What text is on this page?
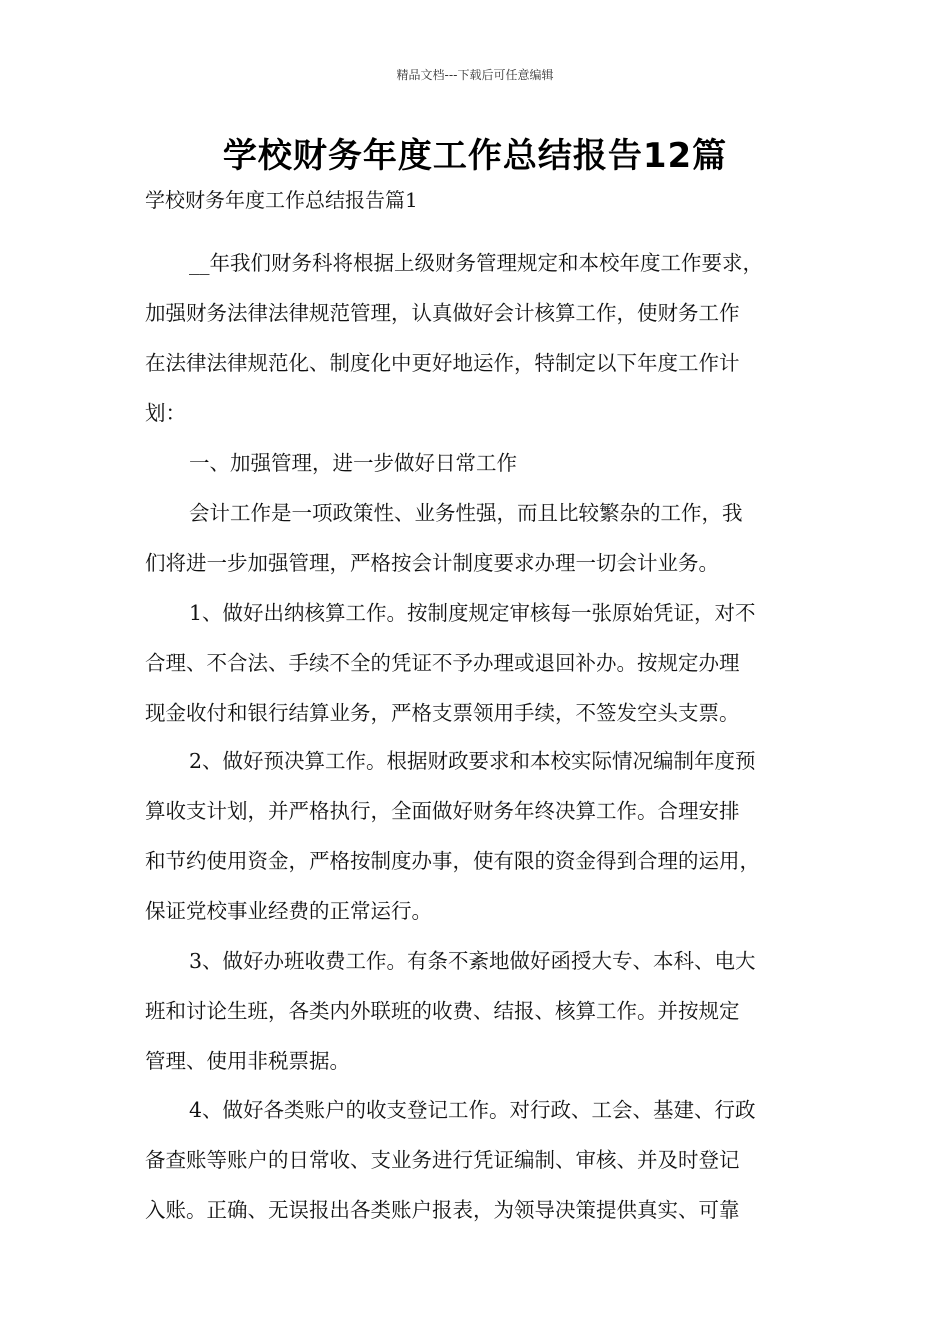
精品文档---下载后可任意编辑
学校财务年度工作总结报告12篇
学校财务年度工作总结报告篇1
__年我们财务科将根据上级财务管理规定和本校年度工作要求，
加强财务法律法律规范管理，认真做好会计核算工作，使财务工作
在法律法律规范化、制度化中更好地运作，特制定以下年度工作计
划：
一、加强管理，进一步做好日常工作
会计工作是一项政策性、业务性强，而且比较繁杂的工作，我
们将进一步加强管理，严格按会计制度要求办理一切会计业务。
1、做好出纳核算工作。按制度规定审核每一张原始凭证，对不
合理、不合法、手续不全的凭证不予办理或退回补办。按规定办理
现金收付和银行结算业务，严格支票领用手续，不签发空头支票。
2、做好预决算工作。根据财政要求和本校实际情况编制年度预
算收支计划，并严格执行，全面做好财务年终决算工作。合理安排
和节约使用资金，严格按制度办事，使有限的资金得到合理的运用，
保证党校事业经费的正常运行。
3、做好办班收费工作。有条不紊地做好函授大专、本科、电大
班和讨论生班，各类内外联班的收费、结报、核算工作。并按规定
管理、使用非税票据。
4、做好各类账户的收支登记工作。对行政、工会、基建、行政
备查账等账户的日常收、支业务进行凭证编制、审核、并及时登记
入账。正确、无误报出各类账户报表，为领导决策提供真实、可靠
